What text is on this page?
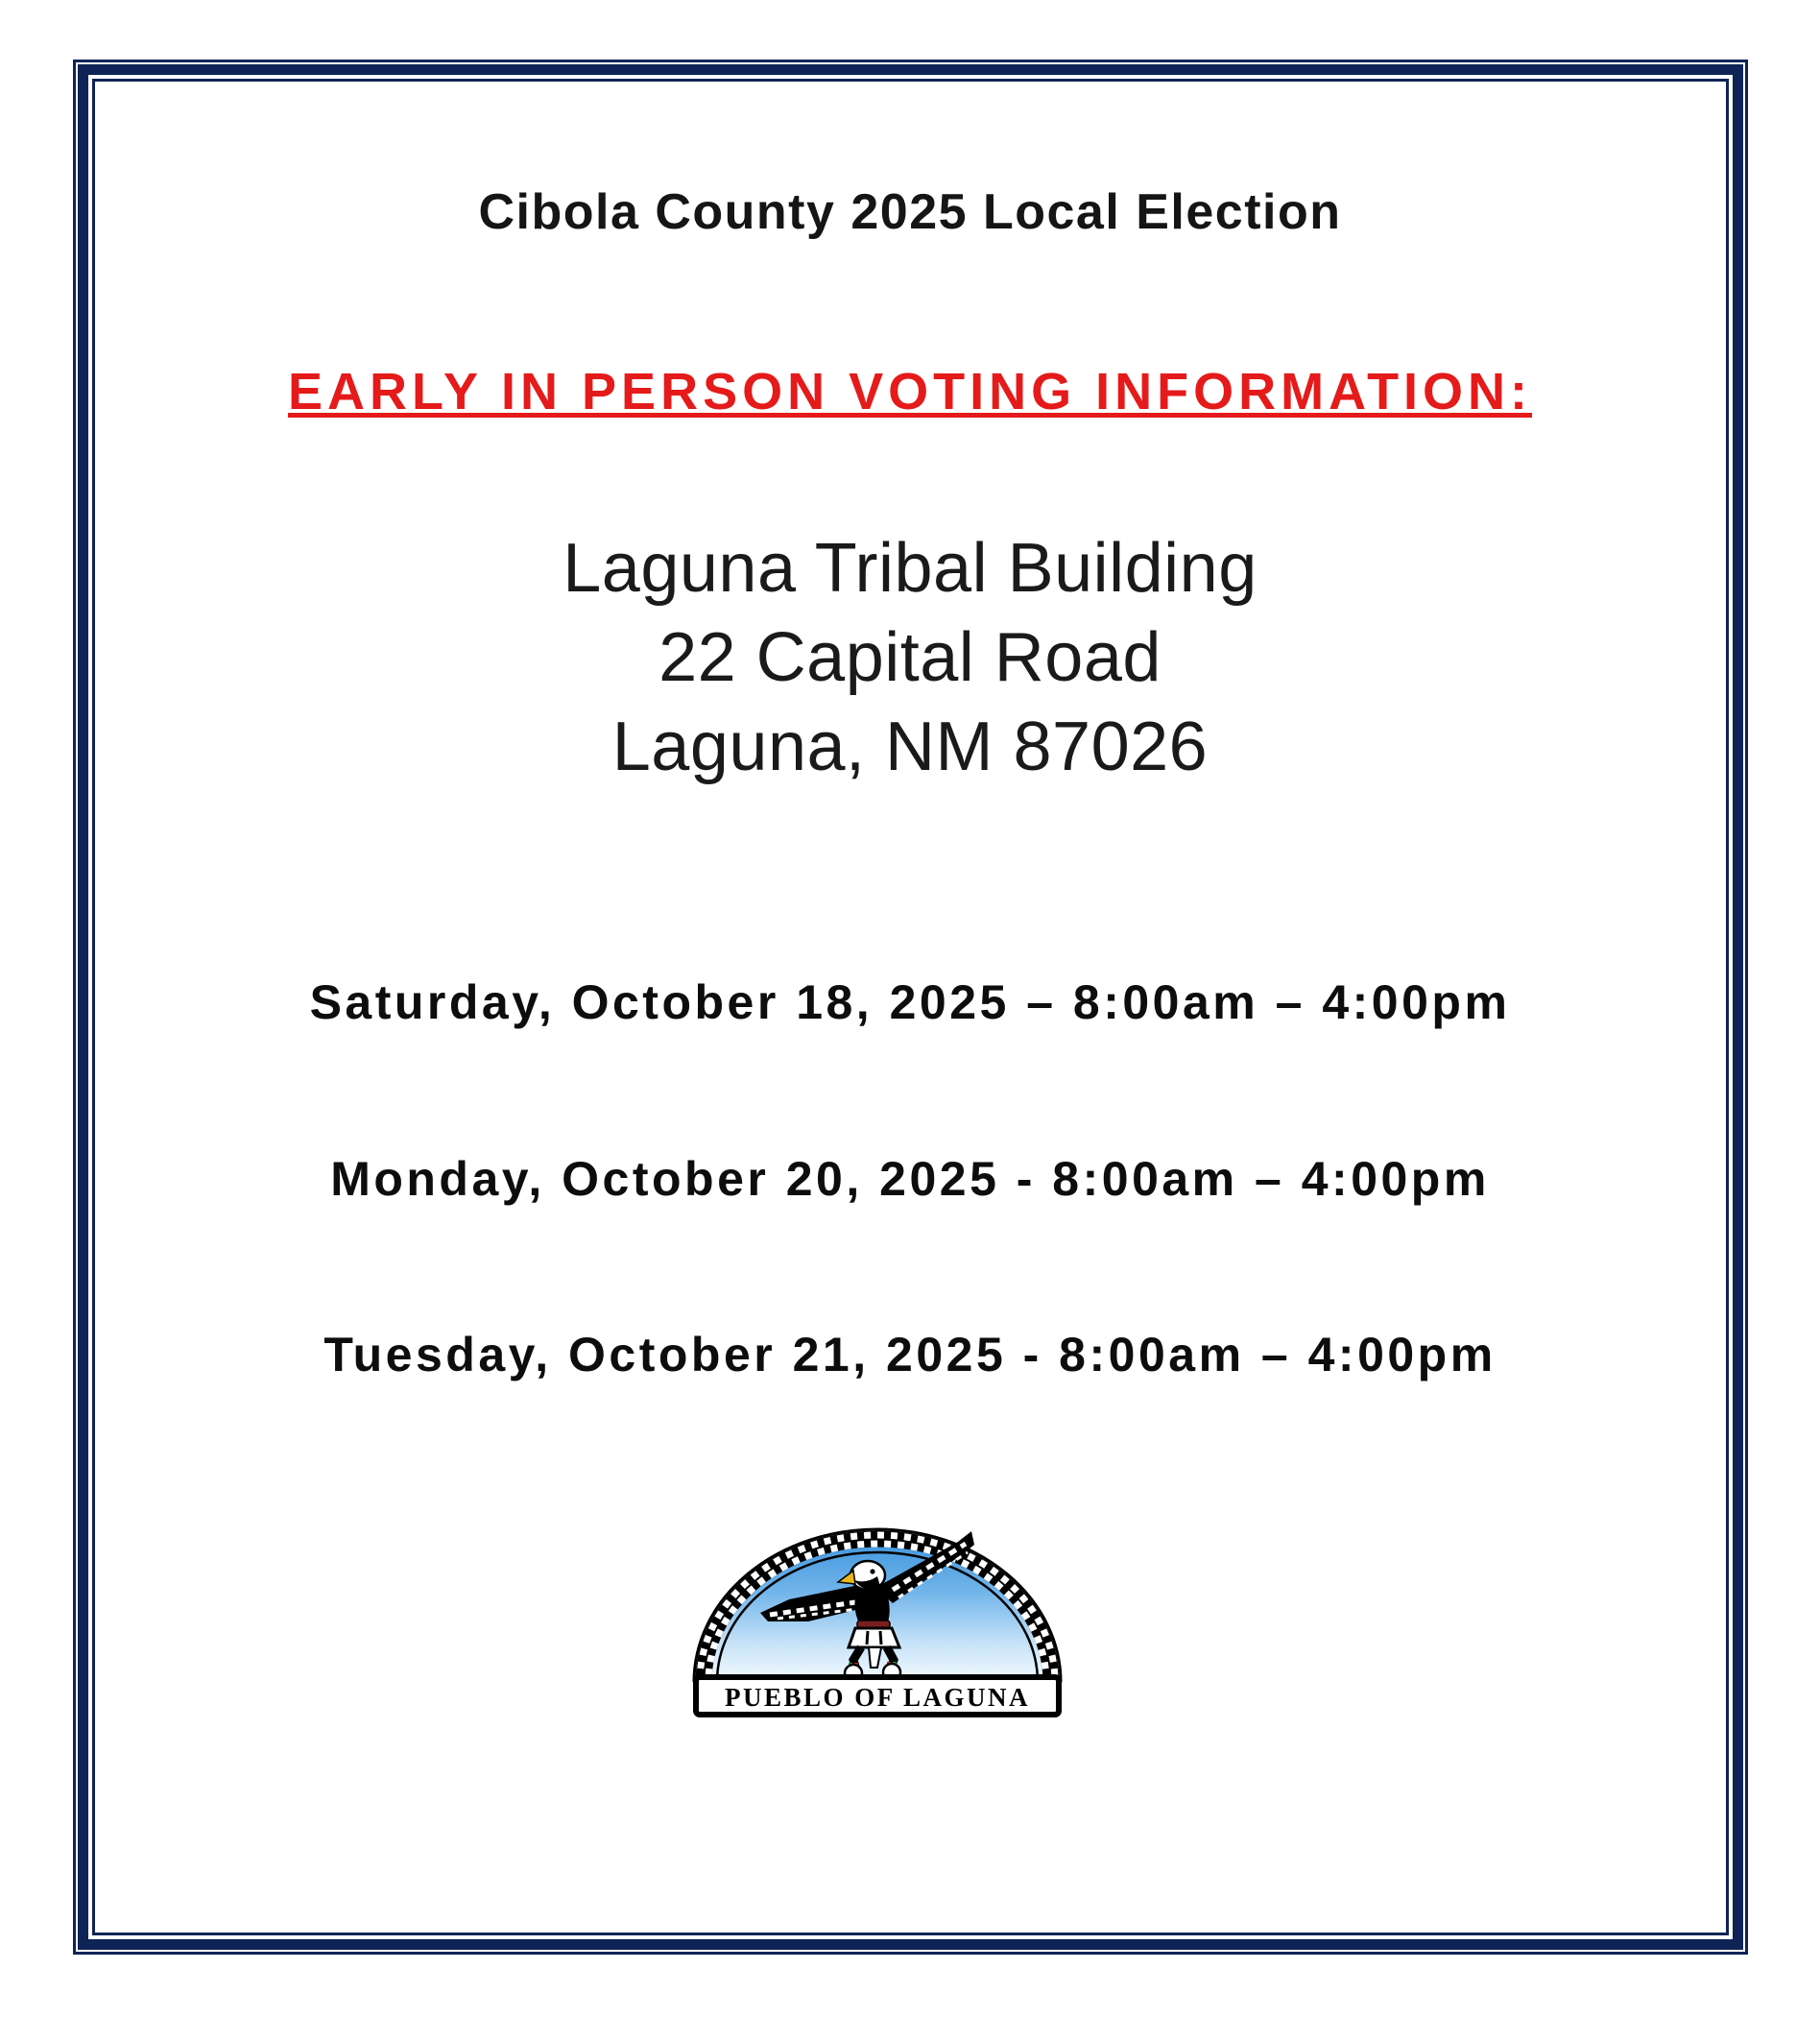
Cibola County 2025 Local Election
EARLY IN PERSON VOTING INFORMATION:
Laguna Tribal Building
22 Capital Road
Laguna, NM 87026
Saturday, October 18, 2025 – 8:00am – 4:00pm
Monday, October 20, 2025 - 8:00am – 4:00pm
Tuesday, October 21, 2025 - 8:00am – 4:00pm
PUEBLO OF LAGUNA
